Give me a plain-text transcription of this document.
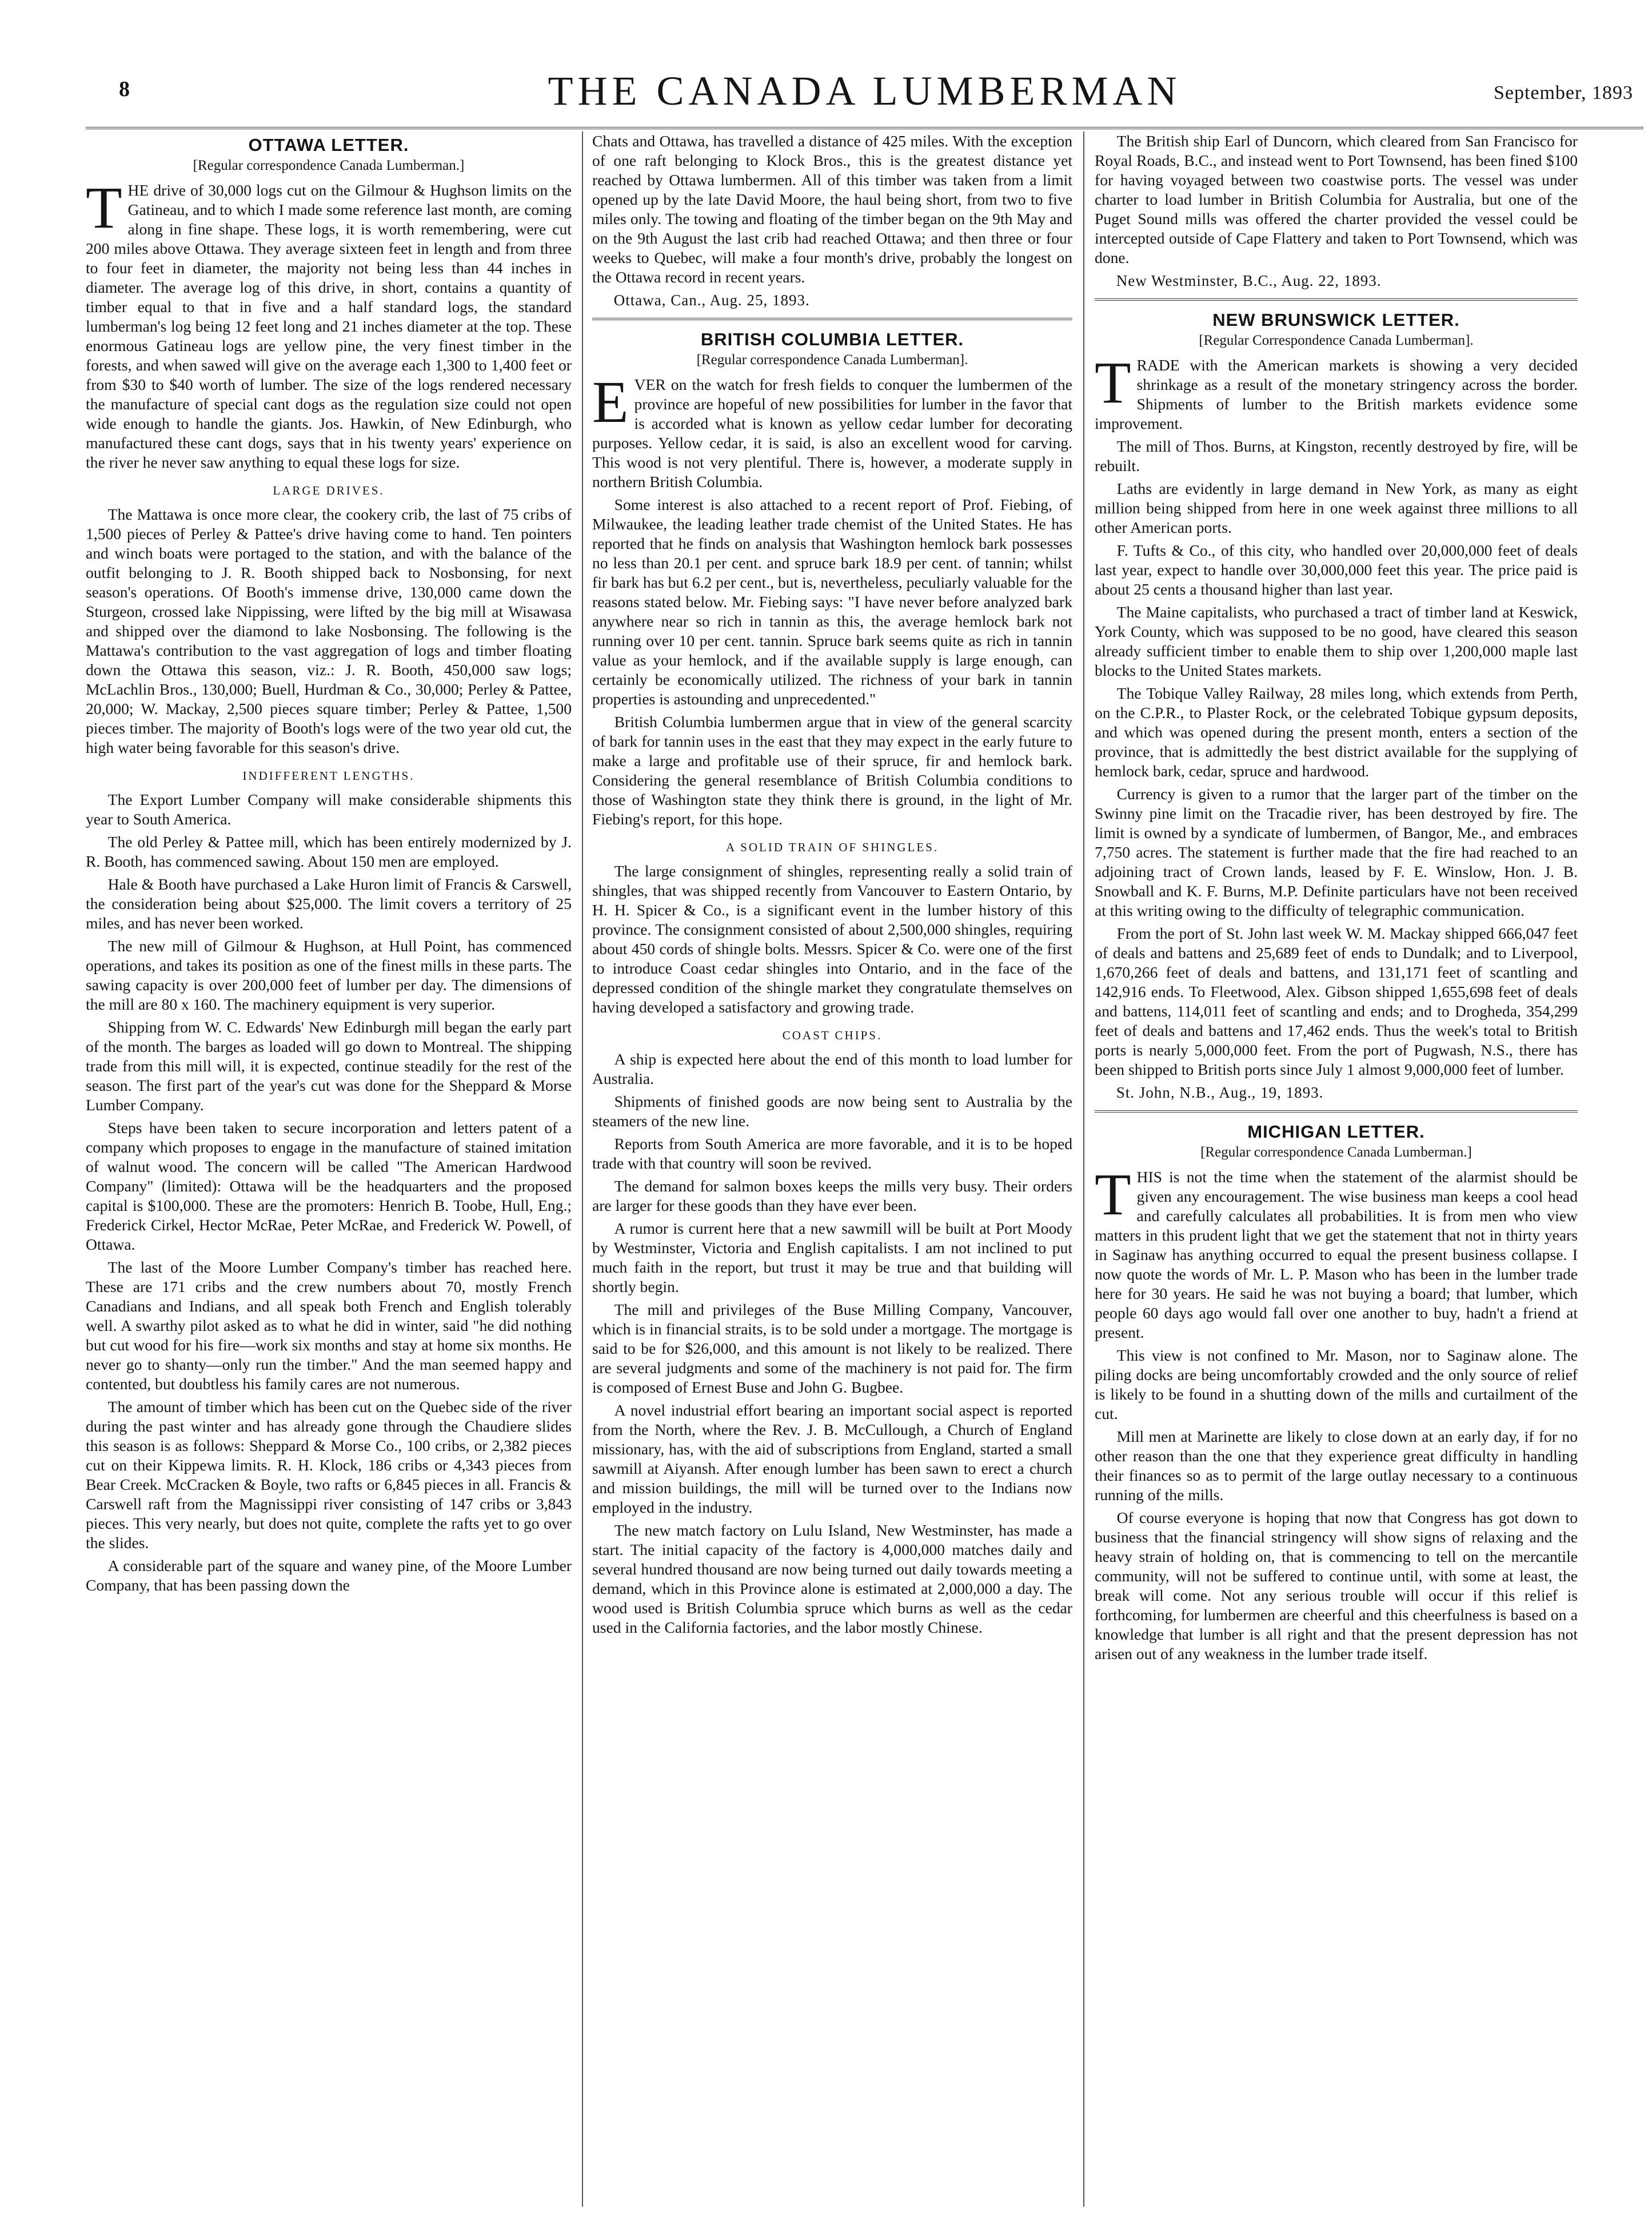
8	THE CANADA LUMBERMAN	September, 1893
OTTAWA LETTER.
[Regular correspondence Canada Lumberman.]

THE drive of 30,000 logs cut on the Gilmour & Hughson limits on the Gatineau, and to which I made some reference last month, are coming along in fine shape. These logs, it is worth remembering, were cut 200 miles above Ottawa. They average sixteen feet in length and from three to four feet in diameter, the majority not being less than 44 inches in diameter. The average log of this drive, in short, contains a quantity of timber equal to that in five and a half standard logs, the standard lumberman's log being 12 feet long and 21 inches diameter at the top. These enormous Gatineau logs are yellow pine, the very finest timber in the forests, and when sawed will give on the average each 1,300 to 1,400 feet or from $30 to $40 worth of lumber. The size of the logs rendered necessary the manufacture of special cant dogs as the regulation size could not open wide enough to handle the giants. Jos. Hawkin, of New Edinburgh, who manufactured these cant dogs, says that in his twenty years' experience on the river he never saw anything to equal these logs for size.

LARGE DRIVES.

The Mattawa is once more clear, the cookery crib, the last of 75 cribs of 1,500 pieces of Perley & Pattee's drive having come to hand. Ten pointers and winch boats were portaged to the station, and with the balance of the outfit belonging to J. R. Booth shipped back to Nosbonsing, for next season's operations. Of Booth's immense drive, 130,000 came down the Sturgeon, crossed lake Nippissing, were lifted by the big mill at Wisawasa and shipped over the diamond to lake Nosbonsing. The following is the Mattawa's contribution to the vast aggregation of logs and timber floating down the Ottawa this season, viz.: J. R. Booth, 450,000 saw logs; McLachlin Bros., 130,000; Buell, Hurdman & Co., 30,000; Perley & Pattee, 20,000; W. Mackay, 2,500 pieces square timber; Perley & Pattee, 1,500 pieces timber. The majority of Booth's logs were of the two year old cut, the high water being favorable for this season's drive.

INDIFFERENT LENGTHS.

The Export Lumber Company will make considerable shipments this year to South America.

The old Perley & Pattee mill, which has been entirely modernized by J. R. Booth, has commenced sawing. About 150 men are employed.

Hale & Booth have purchased a Lake Huron limit of Francis & Carswell, the consideration being about $25,000. The limit covers a territory of 25 miles, and has never been worked.

The new mill of Gilmour & Hughson, at Hull Point, has commenced operations, and takes its position as one of the finest mills in these parts. The sawing capacity is over 200,000 feet of lumber per day. The dimensions of the mill are 80 x 160. The machinery equipment is very superior.

Shipping from W. C. Edwards' New Edinburgh mill began the early part of the month. The barges as loaded will go down to Montreal. The shipping trade from this mill will, it is expected, continue steadily for the rest of the season. The first part of the year's cut was done for the Sheppard & Morse Lumber Company.

Steps have been taken to secure incorporation and letters patent of a company which proposes to engage in the manufacture of stained imitation of walnut wood. The concern will be called "The American Hardwood Company" (limited): Ottawa will be the headquarters and the proposed capital is $100,000. These are the promoters: Henrich B. Toobe, Hull, Eng.; Frederick Cirkel, Hector McRae, Peter McRae, and Frederick W. Powell, of Ottawa.

The last of the Moore Lumber Company's timber has reached here. These are 171 cribs and the crew numbers about 70, mostly French Canadians and Indians, and all speak both French and English tolerably well. A swarthy pilot asked as to what he did in winter, said "he did nothing but cut wood for his fire—work six months and stay at home six months. He never go to shanty—only run the timber." And the man seemed happy and contented, but doubtless his family cares are not numerous.

The amount of timber which has been cut on the Quebec side of the river during the past winter and has already gone through the Chaudiere slides this season is as follows: Sheppard & Morse Co., 100 cribs, or 2,382 pieces cut on their Kippewa limits. R. H. Klock, 186 cribs or 4,343 pieces from Bear Creek. McCracken & Boyle, two rafts or 6,845 pieces in all. Francis & Carswell raft from the Magnissippi river consisting of 147 cribs or 3,843 pieces. This very nearly, but does not quite, complete the rafts yet to go over the slides.

A considerable part of the square and waney pine, of the Moore Lumber Company, that has been passing down the

Chats and Ottawa, has travelled a distance of 425 miles. With the exception of one raft belonging to Klock Bros., this is the greatest distance yet reached by Ottawa lumbermen. All of this timber was taken from a limit opened up by the late David Moore, the haul being short, from two to five miles only. The towing and floating of the timber began on the 9th May and on the 9th August the last crib had reached Ottawa; and then three or four weeks to Quebec, will make a four month's drive, probably the longest on the Ottawa record in recent years.

Ottawa, Can., Aug. 25, 1893.
BRITISH COLUMBIA LETTER.
[Regular correspondence Canada Lumberman].

EVER on the watch for fresh fields to conquer the lumbermen of the province are hopeful of new possibilities for lumber in the favor that is accorded what is known as yellow cedar lumber for decorating purposes. Yellow cedar, it is said, is also an excellent wood for carving. This wood is not very plentiful. There is, however, a moderate supply in northern British Columbia.

Some interest is also attached to a recent report of Prof. Fiebing, of Milwaukee, the leading leather trade chemist of the United States. He has reported that he finds on analysis that Washington hemlock bark possesses no less than 20.1 per cent. and spruce bark 18.9 per cent. of tannin; whilst fir bark has but 6.2 per cent., but is, nevertheless, peculiarly valuable for the reasons stated below. Mr. Fiebing says: "I have never before analyzed bark anywhere near so rich in tannin as this, the average hemlock bark not running over 10 per cent. tannin. Spruce bark seems quite as rich in tannin value as your hemlock, and if the available supply is large enough, can certainly be economically utilized. The richness of your bark in tannin properties is astounding and unprecedented."

British Columbia lumbermen argue that in view of the general scarcity of bark for tannin uses in the east that they may expect in the early future to make a large and profitable use of their spruce, fir and hemlock bark. Considering the general resemblance of British Columbia conditions to those of Washington state they think there is ground, in the light of Mr. Fiebing's report, for this hope.

A SOLID TRAIN OF SHINGLES.

The large consignment of shingles, representing really a solid train of shingles, that was shipped recently from Vancouver to Eastern Ontario, by H. H. Spicer & Co., is a significant event in the lumber history of this province. The consignment consisted of about 2,500,000 shingles, requiring about 450 cords of shingle bolts. Messrs. Spicer & Co. were one of the first to introduce Coast cedar shingles into Ontario, and in the face of the depressed condition of the shingle market they congratulate themselves on having developed a satisfactory and growing trade.

COAST CHIPS.

A ship is expected here about the end of this month to load lumber for Australia.

Shipments of finished goods are now being sent to Australia by the steamers of the new line.

Reports from South America are more favorable, and it is to be hoped trade with that country will soon be revived.

The demand for salmon boxes keeps the mills very busy. Their orders are larger for these goods than they have ever been.

A rumor is current here that a new sawmill will be built at Port Moody by Westminster, Victoria and English capitalists. I am not inclined to put much faith in the report, but trust it may be true and that building will shortly begin.

The mill and privileges of the Buse Milling Company, Vancouver, which is in financial straits, is to be sold under a mortgage. The mortgage is said to be for $26,000, and this amount is not likely to be realized. There are several judgments and some of the machinery is not paid for. The firm is composed of Ernest Buse and John G. Bugbee.

A novel industrial effort bearing an important social aspect is reported from the North, where the Rev. J. B. McCullough, a Church of England missionary, has, with the aid of subscriptions from England, started a small sawmill at Aiyansh. After enough lumber has been sawn to erect a church and mission buildings, the mill will be turned over to the Indians now employed in the industry.

The new match factory on Lulu Island, New Westminster, has made a start. The initial capacity of the factory is 4,000,000 matches daily and several hundred thousand are now being turned out daily towards meeting a demand, which in this Province alone is estimated at 2,000,000 a day. The wood used is British Columbia spruce which burns as well as the cedar used in the California factories, and the labor mostly Chinese.

The British ship Earl of Duncorn, which cleared from San Francisco for Royal Roads, B.C., and instead went to Port Townsend, has been fined $100 for having voyaged between two coastwise ports. The vessel was under charter to load lumber in British Columbia for Australia, but one of the Puget Sound mills was offered the charter provided the vessel could be intercepted outside of Cape Flattery and taken to Port Townsend, which was done.

New Westminster, B.C., Aug. 22, 1893.
NEW BRUNSWICK LETTER.
[Regular Correspondence Canada Lumberman].

TRADE with the American markets is showing a very decided shrinkage as a result of the monetary stringency across the border. Shipments of lumber to the British markets evidence some improvement.

The mill of Thos. Burns, at Kingston, recently destroyed by fire, will be rebuilt.

Laths are evidently in large demand in New York, as many as eight million being shipped from here in one week against three millions to all other American ports.

F. Tufts & Co., of this city, who handled over 20,000,000 feet of deals last year, expect to handle over 30,000,000 feet this year. The price paid is about 25 cents a thousand higher than last year.

The Maine capitalists, who purchased a tract of timber land at Keswick, York County, which was supposed to be no good, have cleared this season already sufficient timber to enable them to ship over 1,200,000 maple last blocks to the United States markets.

The Tobique Valley Railway, 28 miles long, which extends from Perth, on the C.P.R., to Plaster Rock, or the celebrated Tobique gypsum deposits, and which was opened during the present month, enters a section of the province, that is admittedly the best district available for the supplying of hemlock bark, cedar, spruce and hardwood.

Currency is given to a rumor that the larger part of the timber on the Swinny pine limit on the Tracadie river, has been destroyed by fire. The limit is owned by a syndicate of lumbermen, of Bangor, Me., and embraces 7,750 acres. The statement is further made that the fire had reached to an adjoining tract of Crown lands, leased by F. E. Winslow, Hon. J. B. Snowball and K. F. Burns, M.P. Definite particulars have not been received at this writing owing to the difficulty of telegraphic communication.

From the port of St. John last week W. M. Mackay shipped 666,047 feet of deals and battens and 25,689 feet of ends to Dundalk; and to Liverpool, 1,670,266 feet of deals and battens, and 131,171 feet of scantling and 142,916 ends. To Fleetwood, Alex. Gibson shipped 1,655,698 feet of deals and battens, 114,011 feet of scantling and ends; and to Drogheda, 354,299 feet of deals and battens and 17,462 ends. Thus the week's total to British ports is nearly 5,000,000 feet. From the port of Pugwash, N.S., there has been shipped to British ports since July 1 almost 9,000,000 feet of lumber.

St. John, N.B., Aug., 19, 1893.
MICHIGAN LETTER.
[Regular correspondence Canada Lumberman.]

THIS is not the time when the statement of the alarmist should be given any encouragement. The wise business man keeps a cool head and carefully calculates all probabilities. It is from men who view matters in this prudent light that we get the statement that not in thirty years in Saginaw has anything occurred to equal the present business collapse. I now quote the words of Mr. L. P. Mason who has been in the lumber trade here for 30 years. He said he was not buying a board; that lumber, which people 60 days ago would fall over one another to buy, hadn't a friend at present.

This view is not confined to Mr. Mason, nor to Saginaw alone. The piling docks are being uncomfortably crowded and the only source of relief is likely to be found in a shutting down of the mills and curtailment of the cut.

Mill men at Marinette are likely to close down at an early day, if for no other reason than the one that they experience great difficulty in handling their finances so as to permit of the large outlay necessary to a continuous running of the mills.

Of course everyone is hoping that now that Congress has got down to business that the financial stringency will show signs of relaxing and the heavy strain of holding on, that is commencing to tell on the mercantile community, will not be suffered to continue until, with some at least, the break will come. Not any serious trouble will occur if this relief is forthcoming, for lumbermen are cheerful and this cheerfulness is based on a knowledge that lumber is all right and that the present depression has not arisen out of any weakness in the lumber trade itself.
